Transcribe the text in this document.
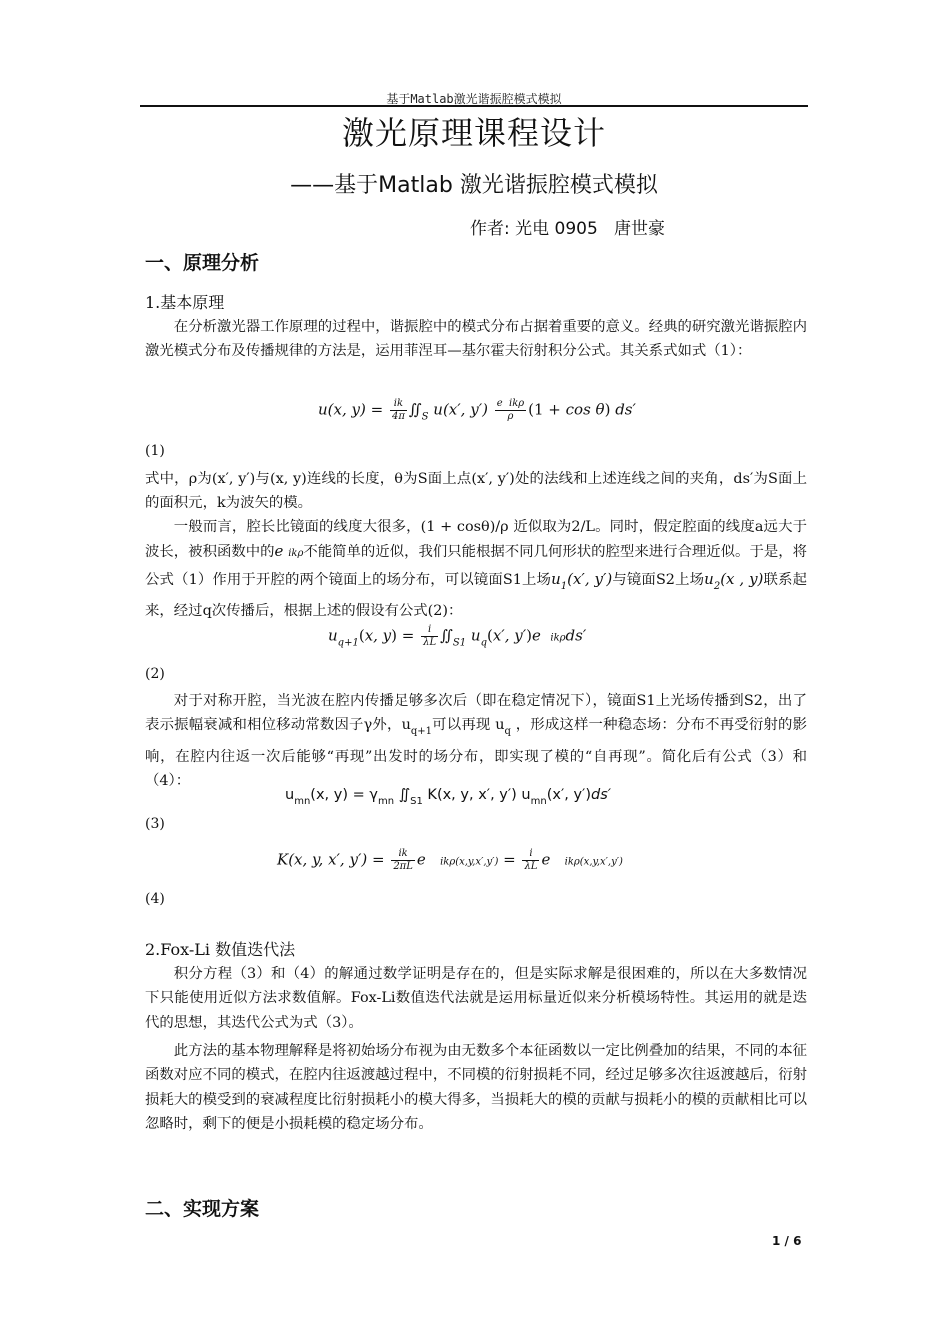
基于Matlab激光谐振腔模式模拟
激光原理课程设计
——基于Matlab 激光谐振腔模式模拟
作者: 光电 0905   唐世豪
一、原理分析
1.基本原理
在分析激光器工作原理的过程中，谐振腔中的模式分布占据着重要的意义。经典的研究激光谐振腔内激光模式分布及传播规律的方法是，运用菲涅耳—基尔霍夫衍射积分公式。其关系式如式（1）：
u(x, $y) = \frac{ik}{4\pi}$ $∬_S$ u(x′, $y') \frac{\text{e  ikρ}}{\rho} (1 + \cos \theta)$ ds′
(1)
式中，ρ为(x′, y′)与(x, y)连线的长度，θ为S面上点(x′, y′)处的法线和上述连线之间的夹角，ds′为S面上的面积元，k为波矢的模。
一般而言，腔长比镜面的线度大很多，(1 + cosθ)/ρ 近似取为2/L。同时，假定腔面的线度a远大于波长，被积函数中的e ikρ不能简单的近似，我们只能根据不同几何形状的腔型来进行合理近似。于是，将公式（1）作用于开腔的两个镜面上的场分布，可以镜面S1上场$u_1(x'$, y′)与镜面S2上场$u_2(x$ , y)联系起来，经过q次传播后，根据上述的假设有公式(2)：
$u_{q+1}(x$, $y) = \frac{i}{\lambda L}$ $∬_{S1}$ $u_q(x'$, y′)e  ikρds′
(2)
对于对称开腔，当光波在腔内传播足够多次后（即在稳定情况下），镜面S1上光场传播到S2，出了表示振幅衰减和相位移动常数因子γ外，$u_{q+1}$可以再现 $u_q$ ，形成这样一种稳态场：分布不再受衍射的影响，在腔内往返一次后能够“再现”出发时的场分布，即实现了模的“自再现”。简化后有公式（3）和（4）：
$u_{mn}(x$, $y) = \gamma_{mn}$ $∬_{S1}$ K(x, y, x′, y′) $u_{mn}(x'$, y′)ds′
(3)
K(x, y, x′, $y') = \frac{ik}{2\pi L}$ e   $ik\rho(x,y,x',y') = \frac{i}{\lambda L}$ e   ikρ(x,y,x′,y′)
(4)
2.Fox-Li 数值迭代法
积分方程（3）和（4）的解通过数学证明是存在的，但是实际求解是很困难的，所以在大多数情况下只能使用近似方法求数值解。Fox-Li数值迭代法就是运用标量近似来分析模场特性。其运用的就是迭代的思想，其迭代公式为式（3）。
此方法的基本物理解释是将初始场分布视为由无数多个本征函数以一定比例叠加的结果，不同的本征函数对应不同的模式，在腔内往返渡越过程中，不同模的衍射损耗不同，经过足够多次往返渡越后，衍射损耗大的模受到的衰减程度比衍射损耗小的模大得多，当损耗大的模的贡献与损耗小的模的贡献相比可以忽略时，剩下的便是小损耗模的稳定场分布。
二、实现方案
1 / 6
